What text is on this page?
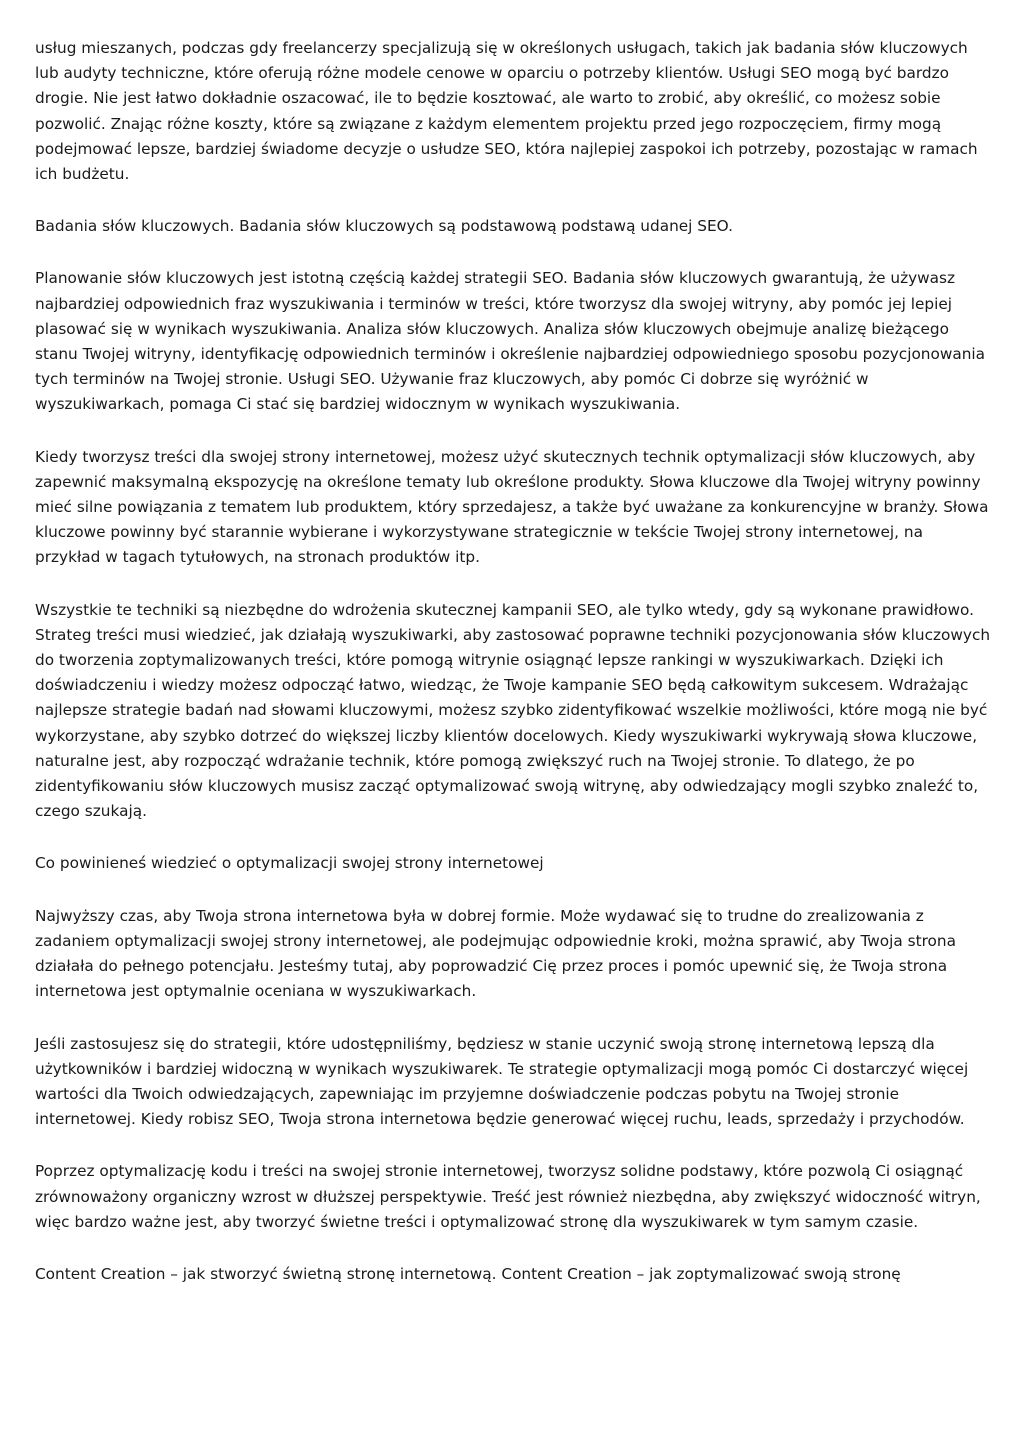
usług mieszanych, podczas gdy freelancerzy specjalizują się w określonych usługach, takich jak badania słów kluczowych lub audyty techniczne, które oferują różne modele cenowe w oparciu o potrzeby klientów. Usługi SEO mogą być bardzo drogie. Nie jest łatwo dokładnie oszacować, ile to będzie kosztować, ale warto to zrobić, aby określić, co możesz sobie pozwolić. Znając różne koszty, które są związane z każdym elementem projektu przed jego rozpoczęciem, firmy mogą podejmować lepsze, bardziej świadome decyzje o usłudze SEO, która najlepiej zaspokoi ich potrzeby, pozostając w ramach ich budżetu.

Badania słów kluczowych. Badania słów kluczowych są podstawową podstawą udanej SEO.

Planowanie słów kluczowych jest istotną częścią każdej strategii SEO. Badania słów kluczowych gwarantują, że używasz najbardziej odpowiednich fraz wyszukiwania i terminów w treści, które tworzysz dla swojej witryny, aby pomóc jej lepiej plasować się w wynikach wyszukiwania. Analiza słów kluczowych. Analiza słów kluczowych obejmuje analizę bieżącego stanu Twojej witryny, identyfikację odpowiednich terminów i określenie najbardziej odpowiedniego sposobu pozycjonowania tych terminów na Twojej stronie. Usługi SEO. Używanie fraz kluczowych, aby pomóc Ci dobrze się wyróżnić w wyszukiwarkach, pomaga Ci stać się bardziej widocznym w wynikach wyszukiwania.

Kiedy tworzysz treści dla swojej strony internetowej, możesz użyć skutecznych technik optymalizacji słów kluczowych, aby zapewnić maksymalną ekspozycję na określone tematy lub określone produkty. Słowa kluczowe dla Twojej witryny powinny mieć silne powiązania z tematem lub produktem, który sprzedajesz, a także być uważane za konkurencyjne w branży. Słowa kluczowe powinny być starannie wybierane i wykorzystywane strategicznie w tekście Twojej strony internetowej, na przykład w tagach tytułowych, na stronach produktów itp.

Wszystkie te techniki są niezbędne do wdrożenia skutecznej kampanii SEO, ale tylko wtedy, gdy są wykonane prawidłowo. Strateg treści musi wiedzieć, jak działają wyszukiwarki, aby zastosować poprawne techniki pozycjonowania słów kluczowych do tworzenia zoptymalizowanych treści, które pomogą witrynie osiągnąć lepsze rankingi w wyszukiwarkach. Dzięki ich doświadczeniu i wiedzy możesz odpocząć łatwo, wiedząc, że Twoje kampanie SEO będą całkowitym sukcesem. Wdrażając najlepsze strategie badań nad słowami kluczowymi, możesz szybko zidentyfikować wszelkie możliwości, które mogą nie być wykorzystane, aby szybko dotrzeć do większej liczby klientów docelowych. Kiedy wyszukiwarki wykrywają słowa kluczowe, naturalne jest, aby rozpocząć wdrażanie technik, które pomogą zwiększyć ruch na Twojej stronie. To dlatego, że po zidentyfikowaniu słów kluczowych musisz zacząć optymalizować swoją witrynę, aby odwiedzający mogli szybko znaleźć to, czego szukają.

Co powinieneś wiedzieć o optymalizacji swojej strony internetowej

Najwyższy czas, aby Twoja strona internetowa była w dobrej formie. Może wydawać się to trudne do zrealizowania z zadaniem optymalizacji swojej strony internetowej, ale podejmując odpowiednie kroki, można sprawić, aby Twoja strona działała do pełnego potencjału. Jesteśmy tutaj, aby poprowadzić Cię przez proces i pomóc upewnić się, że Twoja strona internetowa jest optymalnie oceniana w wyszukiwarkach.

Jeśli zastosujesz się do strategii, które udostępniliśmy, będziesz w stanie uczynić swoją stronę internetową lepszą dla użytkowników i bardziej widoczną w wynikach wyszukiwarek. Te strategie optymalizacji mogą pomóc Ci dostarczyć więcej wartości dla Twoich odwiedzających, zapewniając im przyjemne doświadczenie podczas pobytu na Twojej stronie internetowej. Kiedy robisz SEO, Twoja strona internetowa będzie generować więcej ruchu, leads, sprzedaży i przychodów.

Poprzez optymalizację kodu i treści na swojej stronie internetowej, tworzysz solidne podstawy, które pozwolą Ci osiągnąć zrównoważony organiczny wzrost w dłuższej perspektywie. Treść jest również niezbędna, aby zwiększyć widoczność witryn, więc bardzo ważne jest, aby tworzyć świetne treści i optymalizować stronę dla wyszukiwarek w tym samym czasie.

Content Creation – jak stworzyć świetną stronę internetową. Content Creation – jak zoptymalizować swoją stronę
